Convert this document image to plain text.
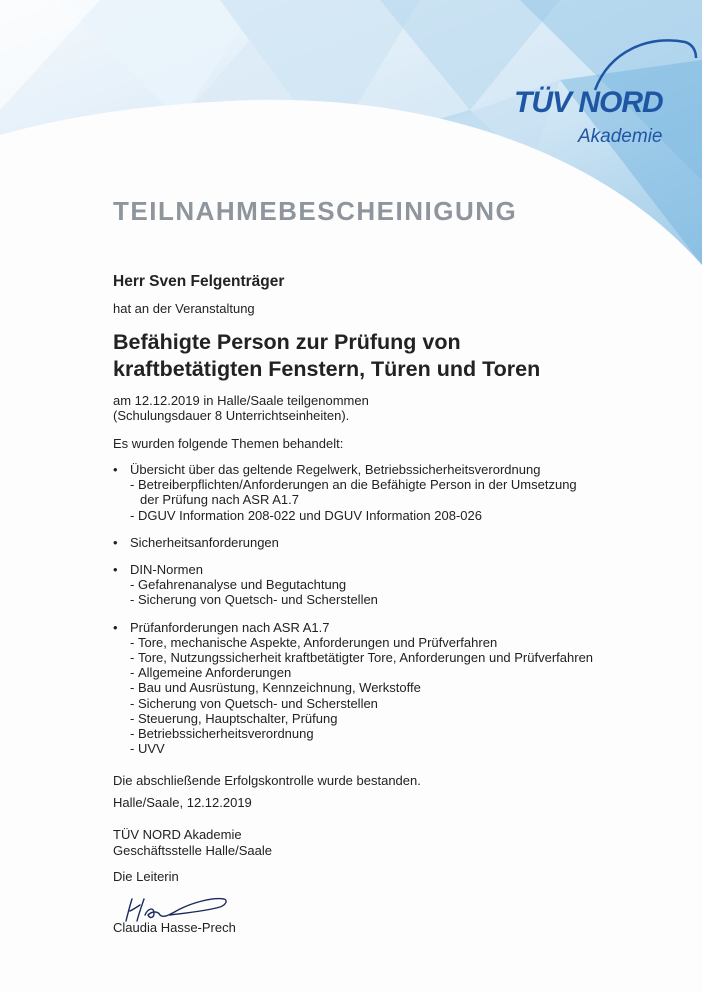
TÜV NORD
Akademie
TEILNAHMEBESCHEINIGUNG
Herr Sven Felgenträger
hat an der Veranstaltung
Befähigte Person zur Prüfung von
kraftbetätigten Fenstern, Türen und Toren
am 12.12.2019 in Halle/Saale teilgenommen
(Schulungsdauer 8 Unterrichtseinheiten).
Es wurden folgende Themen behandelt:
• Übersicht über das geltende Regelwerk, Betriebssicherheitsverordnung
- Betreiberpflichten/Anforderungen an die Befähigte Person in der Umsetzung
der Prüfung nach ASR A1.7
- DGUV Information 208-022 und DGUV Information 208-026
• Sicherheitsanforderungen
• DIN-Normen
- Gefahrenanalyse und Begutachtung
- Sicherung von Quetsch- und Scherstellen
• Prüfanforderungen nach ASR A1.7
- Tore, mechanische Aspekte, Anforderungen und Prüfverfahren
- Tore, Nutzungssicherheit kraftbetätigter Tore, Anforderungen und Prüfverfahren
- Allgemeine Anforderungen
- Bau und Ausrüstung, Kennzeichnung, Werkstoffe
- Sicherung von Quetsch- und Scherstellen
- Steuerung, Hauptschalter, Prüfung
- Betriebssicherheitsverordnung
- UVV
Die abschließende Erfolgskontrolle wurde bestanden.
Halle/Saale, 12.12.2019
TÜV NORD Akademie
Geschäftsstelle Halle/Saale
Die Leiterin
Claudia Hasse-Prech
